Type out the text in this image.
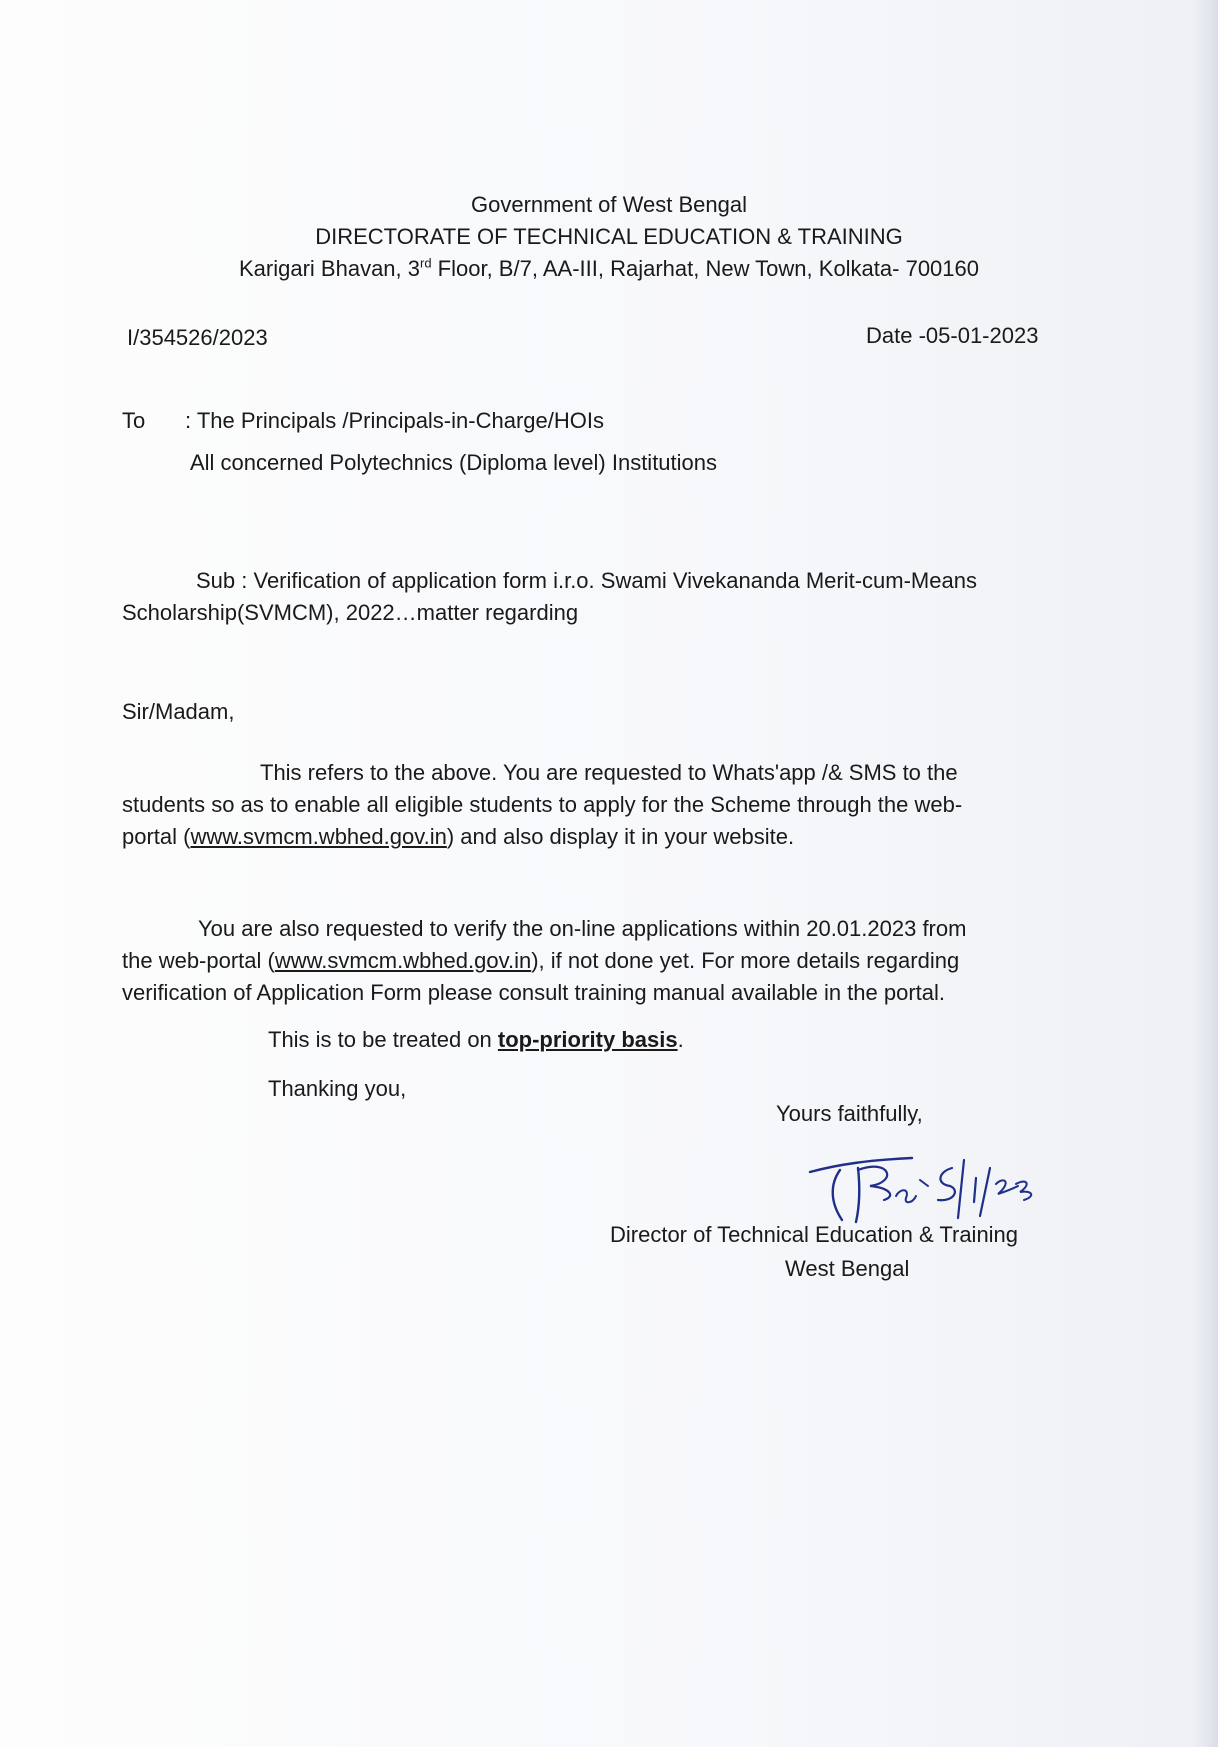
Government of West Bengal
DIRECTORATE OF TECHNICAL EDUCATION & TRAINING
Karigari Bhavan, 3rd Floor, B/7, AA-III, Rajarhat, New Town, Kolkata- 700160
I/354526/2023	Date -05-01-2023
To : The Principals /Principals-in-Charge/HOIs
All concerned Polytechnics (Diploma level) Institutions
Sub : Verification of application form i.r.o. Swami Vivekananda Merit-cum-Means
Scholarship(SVMCM), 2022…matter regarding
Sir/Madam,
This refers to the above. You are requested to Whats'app /& SMS to the
students so as to enable all eligible students to apply for the Scheme through the web-
portal (www.svmcm.wbhed.gov.in) and also display it in your website.
You are also requested to verify the on-line applications within 20.01.2023 from
the web-portal (www.svmcm.wbhed.gov.in), if not done yet. For more details regarding
verification of Application Form please consult training manual available in the portal.
This is to be treated on top-priority basis.
Thanking you,
Yours faithfully,
Director of Technical Education & Training
West Bengal
